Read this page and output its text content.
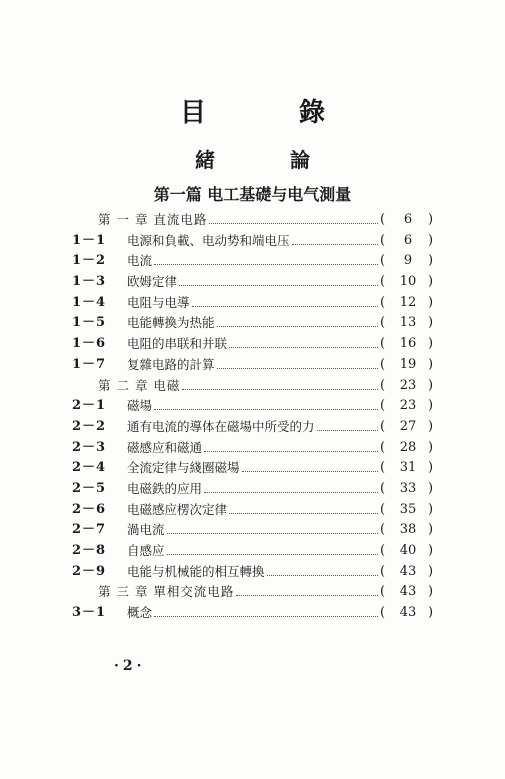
目 錄
緒 論
第一篇 电工基礎与电气測量
第 一 章 直流电路	(	6	)
1－1	电源和負載、电动势和端电压	(	6	)
1－2	电流	(	9	)
1－3	欧姆定律	(	10 )
1－4	电阻与电導	(	12 )
1－5	电能轉換为热能	(	13 )
1－6	电阻的串联和并联	(	16 )
1－7	复雜电路的計算	(	19 )
第 二 章 电磁	(	23 )
2－1	磁場	(	23 )
2－2	通有电流的導体在磁場中所受的力	(	27 )
2－3	磁感应和磁通	(	28 )
2－4	全流定律与綫圈磁場	(	31 )
2－5	电磁鉄的应用	(	33 )
2－6	电磁感应楞次定律	(	35 )
2－7	渦电流	(	38 )
2－8	自感应	(	40 )
2－9	电能与机械能的相互轉換	(	43 )
第 三 章 單相交流电路	(	43 )
3－1	概念	(	43 )
·2·
